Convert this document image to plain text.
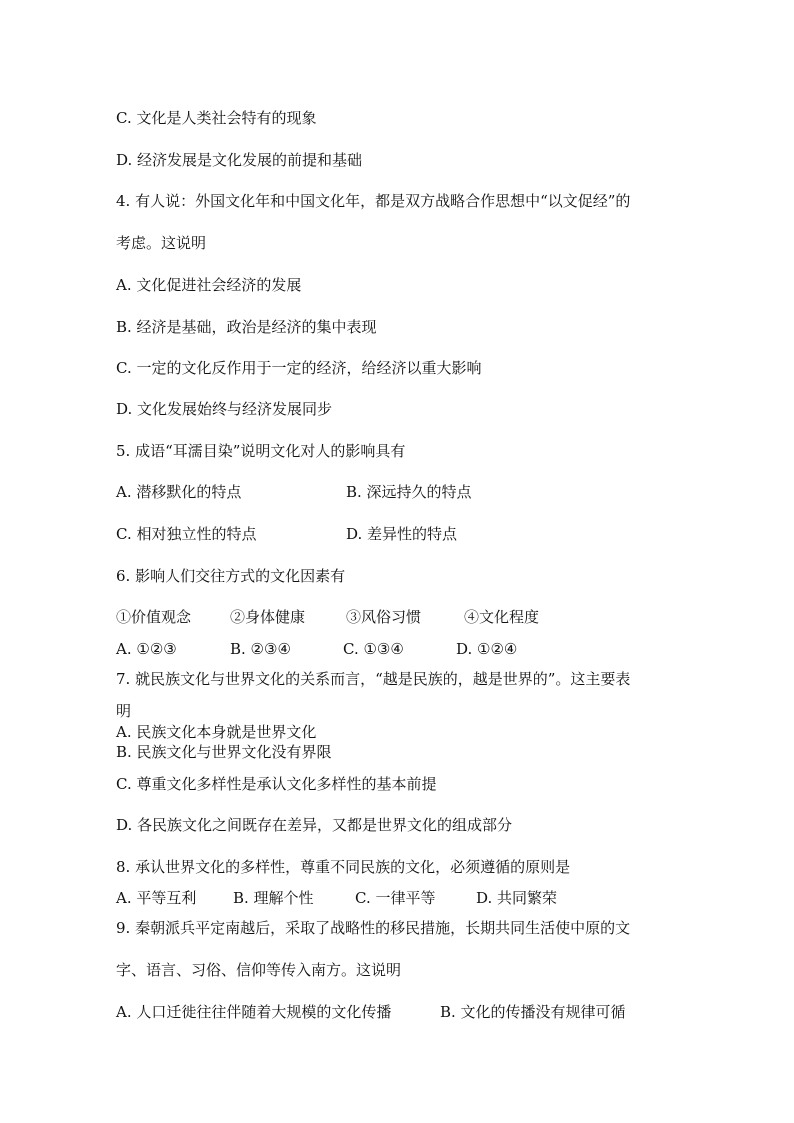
C. 文化是人类社会特有的现象
D. 经济发展是文化发展的前提和基础
4. 有人说：外国文化年和中国文化年，都是双方战略合作思想中“以文促经”的
考虑。这说明
A. 文化促进社会经济的发展
B. 经济是基础，政治是经济的集中表现
C. 一定的文化反作用于一定的经济，给经济以重大影响
D. 文化发展始终与经济发展同步
5. 成语“耳濡目染”说明文化对人的影响具有
A. 潜移默化的特点	B. 深远持久的特点
C. 相对独立性的特点	D. 差异性的特点
6. 影响人们交往方式的文化因素有
①价值观念	②身体健康	③风俗习惯	④文化程度
A. ①②③	B. ②③④	C. ①③④	D. ①②④
7. 就民族文化与世界文化的关系而言，“越是民族的，越是世界的”。这主要表
明
A. 民族文化本身就是世界文化
B. 民族文化与世界文化没有界限
C. 尊重文化多样性是承认文化多样性的基本前提
D. 各民族文化之间既存在差异，又都是世界文化的组成部分
8. 承认世界文化的多样性，尊重不同民族的文化，必须遵循的原则是
A. 平等互利 B. 理解个性	C. 一律平等	D. 共同繁荣
9. 秦朝派兵平定南越后，采取了战略性的移民措施，长期共同生活使中原的文
字、语言、习俗、信仰等传入南方。这说明
A. 人口迁徙往往伴随着大规模的文化传播	B. 文化的传播没有规律可循
